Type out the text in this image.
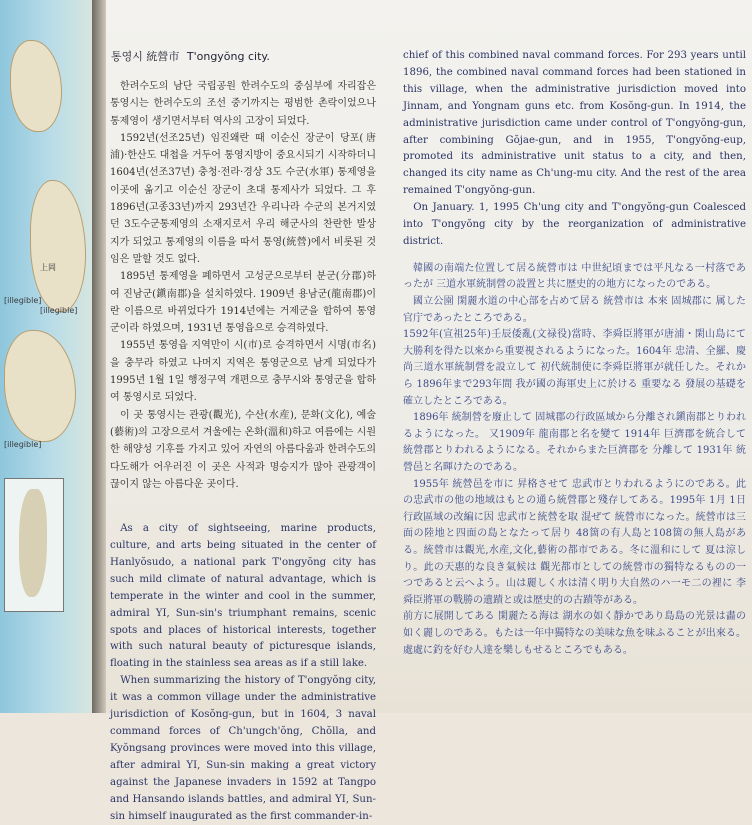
上岡
[illegible]
[illegible]
[illegible]
통영시 統營市 T'ongyŏng city.

한려수도의 남단 국립공원 한려수도의 중심부에 자리잡은 통영시는 한려수도의 조선 중기까지는 평범한 촌락이었으나 통제영이 생기면서부터 역사의 고장이 되었다.

1592년(선조25년) 임진왜란 때 이순신 장군이 당포(唐浦)·한산도 대첩을 거두어 통영지방이 중요시되기 시작하더니 1604년(선조37년) 충청·전라·경상 3도 수군(水軍) 통제영을 이곳에 옮기고 이순신 장군이 초대 통제사가 되었다. 그 후 1896년(고종33년)까지 293년간 우리나라 수군의 본거지였던 3도수군통제영의 소재지로서 우리 해군사의 찬란한 발상지가 되었고 통제영의 이름을 따서 통영(統營)에서 비롯된 것임은 말할 것도 없다.

1895년 통제영을 폐하면서 고성군으로부터 분군(分郡)하여 진남군(鎭南郡)을 설치하였다. 1909년 용남군(龍南郡)이란 이름으로 바뀌었다가 1914년에는 거제군을 합하여 통영군이라 하였으며, 1931년 통영읍으로 승격하였다.

1955년 통영읍 지역만이 시(市)로 승격하면서 시명(市名)을 충무라 하였고 나머지 지역은 통영군으로 남게 되었다가 1995년 1월 1일 행정구역 개편으로 충무시와 통영군을 합하여 통영시로 되었다.

이 곳 통영시는 관광(觀光), 수산(水産), 문화(文化), 예술(藝術)의 고장으로서 겨울에는 온화(溫和)하고 여름에는 시원한 해양성 기후를 가지고 있어 자연의 아름다움과 한려수도의 다도해가 어우러진 이 곳은 사적과 명승지가 많아 관광객이 끊이지 않는 아름다운 곳이다.

As a city of sightseeing, marine products, culture, and arts being situated in the center of Hanlyŏsudo, a national park T'ongyŏng city has such mild climate of natural advantage, which is temperate in the winter and cool in the summer, admiral YI, Sun-sin's triumphant remains, scenic spots and places of historical interests, together with such natural beauty of picturesque islands, floating in the stainless sea areas as if a still lake.

When summarizing the history of T'ongyŏng city, it was a common village under the administrative jurisdiction of Kosŏng-gun, but in 1604, 3 naval command forces of Ch'ungch'ŏng, Chŏlla, and Kyŏngsang provinces were moved into this village, after admiral YI, Sun-sin making a great victory against the Japanese invaders in 1592 at Tangpo and Hansando islands battles, and admiral YI, Sun-sin himself inaugurated as the first commander-in-

chief of this combined naval command forces. For 293 years until 1896, the combined naval command forces had been stationed in this village, when the administrative jurisdiction moved into Jinnam, and Yongnam guns etc. from Kosŏng-gun. In 1914, the administrative jurisdiction came under control of T'ongyŏng-gun, after combining Gŏjae-gun, and in 1955, T'ongyŏng-eup, promoted its administrative unit status to a city, and then, changed its city name as Ch'ung-mu city. And the rest of the area remained T'ongyŏng-gun.

On January. 1, 1995 Ch'ung city and T'ongyŏng-gun Coalesced into T'ongyŏng city by the reorganization of administrative district.

韓國の南端た位置して居る統營市は 中世紀頃までは平凡なる一村落であったが 三道水軍統制營の設置と共に歴史的の地方になったのである。

國立公園 閑麗水道の中心部を占めて居る 統營市は 本來 固城郡に 属した官庁であったところである。

1592年(宣祖25年)壬辰倭亂(文禄役)當時、李舜臣將軍が唐浦・閑山島にて大勝利を得た以來から重要視されるようになった。1604年 忠清、全羅、慶尚三道水軍統制營を設立して 初代統制使に李舜臣將軍が就任した。それから 1896年まで293年間 我が國の海軍史上に於ける 重要なる 發展の基礎を確立したところである。

1896年 統制營を廢止して 固城郡の行政區域から分離され鎭南郡とりわれるようになった。 又1909年 龍南郡と名を變て 1914年 巨濟郡を統合して統營郡とりわれるようになる。それからまた巨濟郡を 分離して 1931年 統營邑と名暉けたのである。

1955年 統營邑を市に 昇格させて 忠武市とりわれるようにのである。此の忠武市の他の地域はもとの通ら統營郡と殘存してある。1995年 1月 1日 行政區域の改編に因 忠武市と統營を取 混ぜて 統營市になった。統營市は三面の陸地と四面の島となたって居り 48箇の有人島と108箇の無人島がある。統營市は觀光,水産,文化,藝術の都市である。冬に溫和にして 夏は涼しり。此の天惠的な良き氣候は 觀光都市としての統營市の獨特なるものの一つであると云へよう。山は麗しく水は清く明り大自然のハ一モ二の裡に 李舜臣將軍の戰勝の遺蹟と或は歴史的の古蹟等がある。

前方に展開してある 閑麗たる海は 湖水の如く靜かであり島島の光景は畵の如く麗しのである。もたは一年中獨特なの美味な魚を味ふることが出來る。處處に釣を好む人達を樂しもせるところでもある。
